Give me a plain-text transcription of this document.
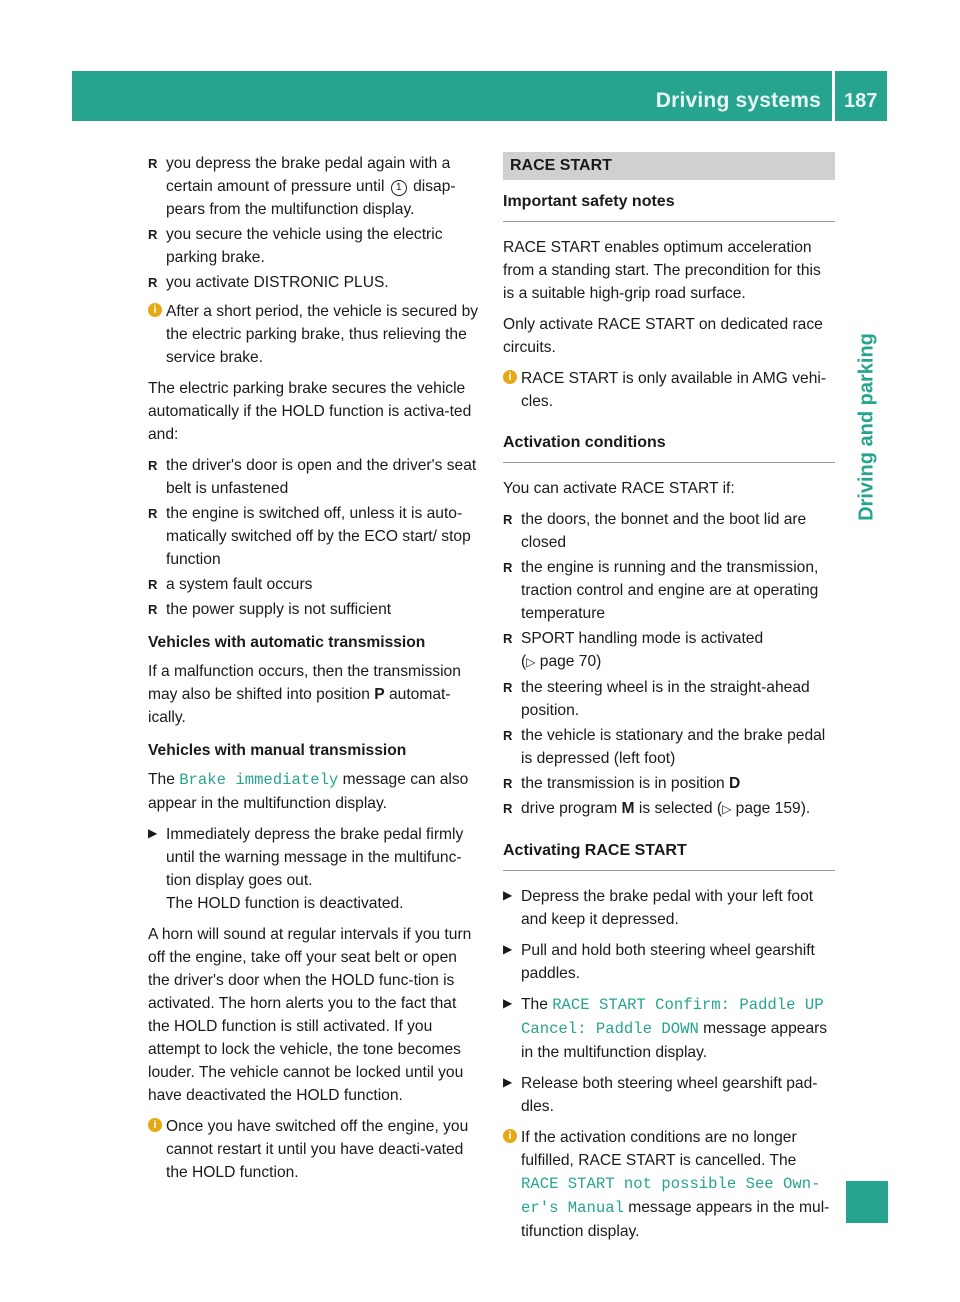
Driving systems 187
Driving and parking
R you depress the brake pedal again with a certain amount of pressure until 1 disap-pears from the multifunction display.
R you secure the vehicle using the electric parking brake.
R you activate DISTRONIC PLUS.
i After a short period, the vehicle is secured by the electric parking brake, thus relieving the service brake.
The electric parking brake secures the vehicle automatically if the HOLD function is activa-ted and:
R the driver's door is open and the driver's seat belt is unfastened
R the engine is switched off, unless it is auto-matically switched off by the ECO start/ stop function
R a system fault occurs
R the power supply is not sufficient
Vehicles with automatic transmission
If a malfunction occurs, then the transmission may also be shifted into position P automat-ically.
Vehicles with manual transmission
The Brake immediately message can also appear in the multifunction display.
▶ Immediately depress the brake pedal firmly until the warning message in the multifunc-tion display goes out.
The HOLD function is deactivated.
A horn will sound at regular intervals if you turn off the engine, take off your seat belt or open the driver's door when the HOLD func-tion is activated. The horn alerts you to the fact that the HOLD function is still activated. If you attempt to lock the vehicle, the tone becomes louder. The vehicle cannot be locked until you have deactivated the HOLD function.
i Once you have switched off the engine, you cannot restart it until you have deacti-vated the HOLD function.
RACE START
Important safety notes
RACE START enables optimum acceleration from a standing start. The precondition for this is a suitable high-grip road surface.
Only activate RACE START on dedicated race circuits.
i RACE START is only available in AMG vehi-cles.
Activation conditions
You can activate RACE START if:
R the doors, the bonnet and the boot lid are closed
R the engine is running and the transmission, traction control and engine are at operating temperature
R SPORT handling mode is activated
(▷ page 70)
R the steering wheel is in the straight-ahead position.
R the vehicle is stationary and the brake pedal is depressed (left foot)
R the transmission is in position D
R drive program M is selected (▷ page 159).
Activating RACE START
▶ Depress the brake pedal with your left foot and keep it depressed.
▶ Pull and hold both steering wheel gearshift paddles.
▶ The RACE START Confirm: Paddle UP
Cancel: Paddle DOWN message appears in the multifunction display.
▶ Release both steering wheel gearshift pad-dles.
i If the activation conditions are no longer fulfilled, RACE START is cancelled. The RACE START not possible See Own-er's Manual message appears in the mul-tifunction display.
